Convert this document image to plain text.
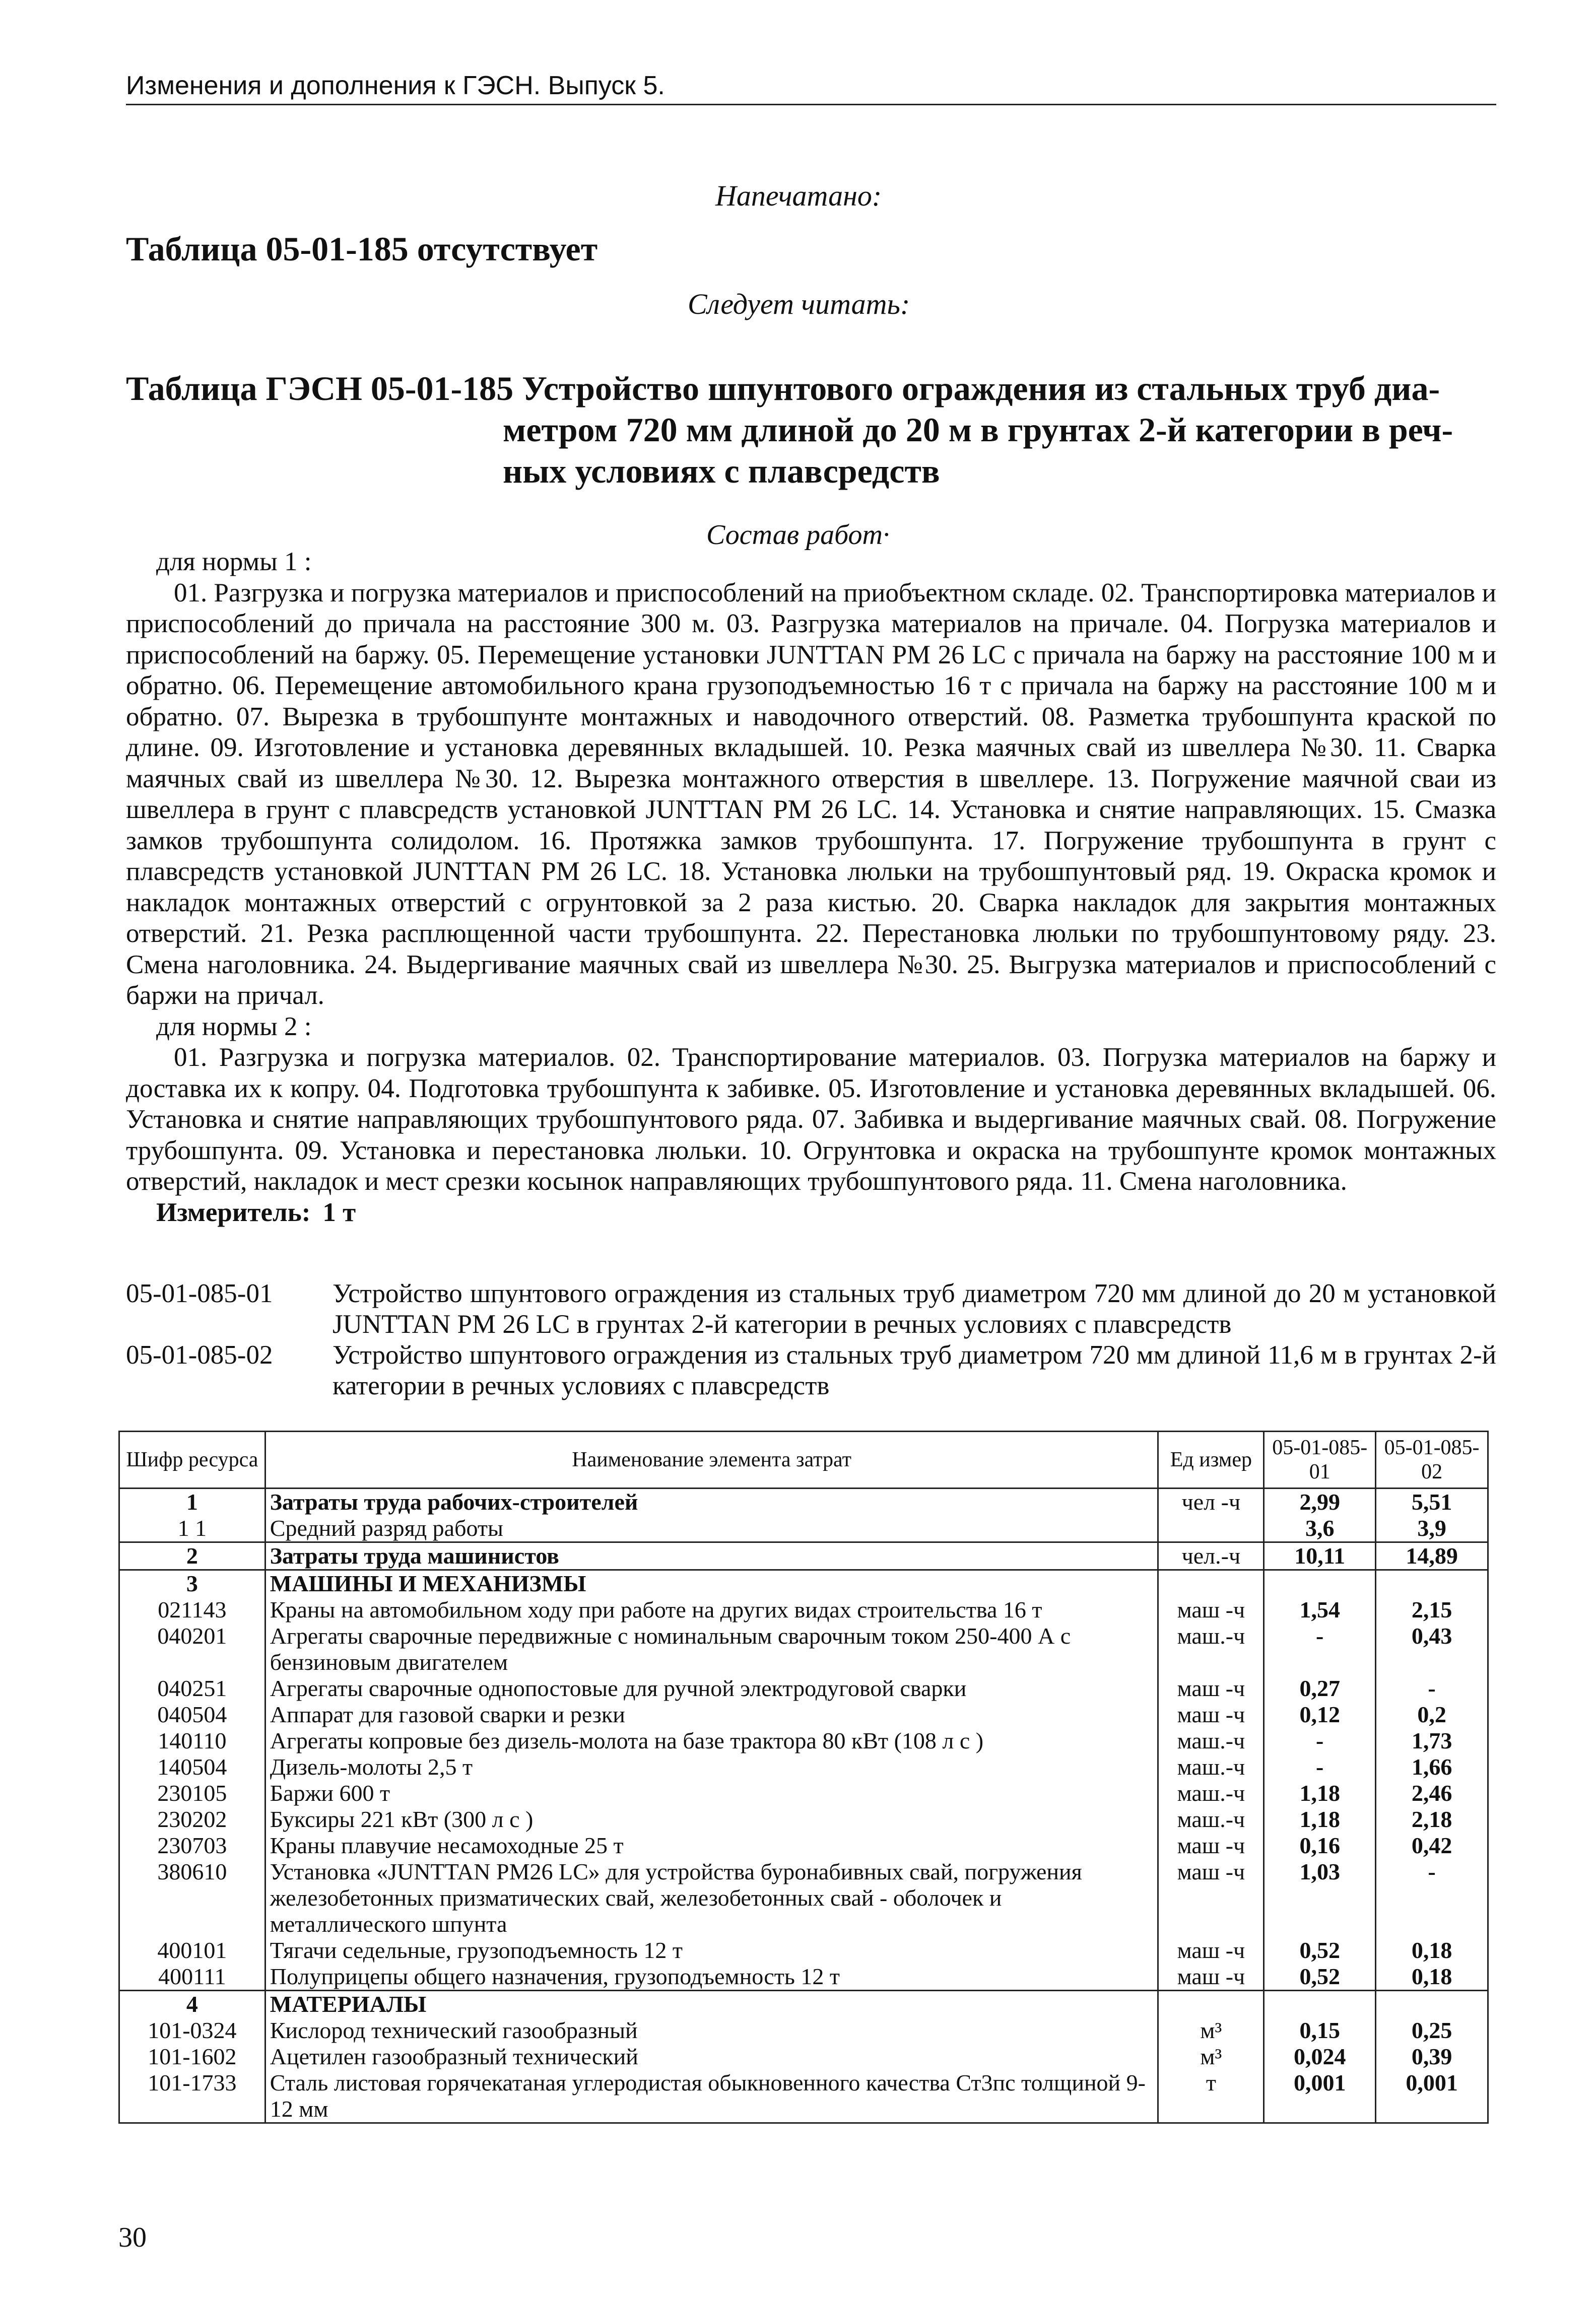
Изменения и дополнения к ГЭСН. Выпуск 5.
Напечатано:
Таблица 05-01-185 отсутствует
Следует читать:
Таблица ГЭСН 05-01-185 Устройство шпунтового ограждения из стальных труб диа-
метром 720 мм длиной до 20 м в грунтах 2-й категории в реч-
ных условиях с плавсредств
Состав работ·

для нормы 1 :

01. Разгрузка и погрузка материалов и приспособлений на приобъектном складе. 02. Транспортировка материалов и приспособлений до причала на расстояние 300 м. 03. Разгрузка материалов на причале. 04. Погрузка материалов и приспособлений на баржу. 05. Перемещение установки JUNTTAN PM 26 LC с причала на баржу на расстояние 100 м и обратно. 06. Перемещение автомобильного крана грузоподъемностью 16 т с причала на баржу на расстояние 100 м и обратно. 07. Вырезка в трубошпунте монтажных и наводочного отверстий. 08. Разметка трубошпунта краской по длине. 09. Изготовление и установка деревянных вкладышей. 10. Резка маячных свай из швеллера №30. 11. Сварка маячных свай из швеллера №30. 12. Вырезка монтажного отверстия в швеллере. 13. Погружение маячной сваи из швеллера в грунт с плавсредств установкой JUNTTAN PM 26 LC. 14. Установка и снятие направляющих. 15. Смазка замков трубошпунта солидолом. 16. Протяжка замков трубошпунта. 17. Погружение трубошпунта в грунт с плавсредств установкой JUNTTAN PM 26 LC. 18. Установка люльки на трубошпунтовый ряд. 19. Окраска кромок и накладок монтажных отверстий с огрунтовкой за 2 раза кистью. 20. Сварка накладок для закрытия монтажных отверстий. 21. Резка расплющенной части трубошпунта. 22. Перестановка люльки по трубошпунтовому ряду. 23. Смена наголовника. 24. Выдергивание маячных свай из швеллера №30. 25. Выгрузка материалов и приспособлений с баржи на причал.

для нормы 2 :

01. Разгрузка и погрузка материалов. 02. Транспортирование материалов. 03. Погрузка материалов на баржу и доставка их к копру. 04. Подготовка трубошпунта к забивке. 05. Изготовление и установка деревянных вкладышей. 06. Установка и снятие направляющих трубошпунтового ряда. 07. Забивка и выдергивание маячных свай. 08. Погружение трубошпунта. 09. Установка и перестановка люльки. 10. Огрунтовка и окраска на трубошпунте кромок монтажных отверстий, накладок и мест срезки косынок направляющих трубошпунтового ряда. 11. Смена наголовника.

Измеритель: 1 т

05-01-085-01	Устройство шпунтового ограждения из стальных труб диаметром 720 мм длиной до 20 м установкой JUNTTAN PM 26 LC в грунтах 2-й категории в речных условиях с плавсредств
05-01-085-02	Устройство шпунтового ограждения из стальных труб диаметром 720 мм длиной 11,6 м в грунтах 2-й категории в речных условиях с плавсредств
Шифр ресурса	Наименование элемента затрат	Ед измер	05-01-085-01	05-01-085-02
1	Затраты труда рабочих-строителей	чел -ч	2,99	5,51
1 1	Средний разряд работы		3,6	3,9
2	Затраты труда машинистов	чел.-ч	10,11	14,89
3	МАШИНЫ И МЕХАНИЗМЫ			
021143	Краны на автомобильном ходу при работе на других видах строительства 16 т	маш -ч	1,54	2,15
040201	Агрегаты сварочные передвижные с номинальным сварочным током 250-400 А с бензиновым двигателем	маш.-ч	-	0,43
040251	Агрегаты сварочные однопостовые для ручной электродуговой сварки	маш -ч	0,27	-
040504	Аппарат для газовой сварки и резки	маш -ч	0,12	0,2
140110	Агрегаты копровые без дизель-молота на базе трактора 80 кВт (108 л с )	маш.-ч	-	1,73
140504	Дизель-молоты 2,5 т	маш.-ч	-	1,66
230105	Баржи 600 т	маш.-ч	1,18	2,46
230202	Буксиры 221 кВт (300 л с )	маш.-ч	1,18	2,18
230703	Краны плавучие несамоходные 25 т	маш -ч	0,16	0,42
380610	Установка «JUNTTAN PM26 LC» для устройства буронабивных свай, погружения железобетонных призматических свай, железобетонных свай - оболочек и металлического шпунта	маш -ч	1,03	-
400101	Тягачи седельные, грузоподъемность 12 т	маш -ч	0,52	0,18
400111	Полуприцепы общего назначения, грузоподъемность 12 т	маш -ч	0,52	0,18
4	МАТЕРИАЛЫ			
101-0324	Кислород технический газообразный	м³	0,15	0,25
101-1602	Ацетилен газообразный технический	м³	0,024	0,39
101-1733	Сталь листовая горячекатаная углеродистая обыкновенного качества Ст3пс толщиной 9-12 мм	т	0,001	0,001
30
